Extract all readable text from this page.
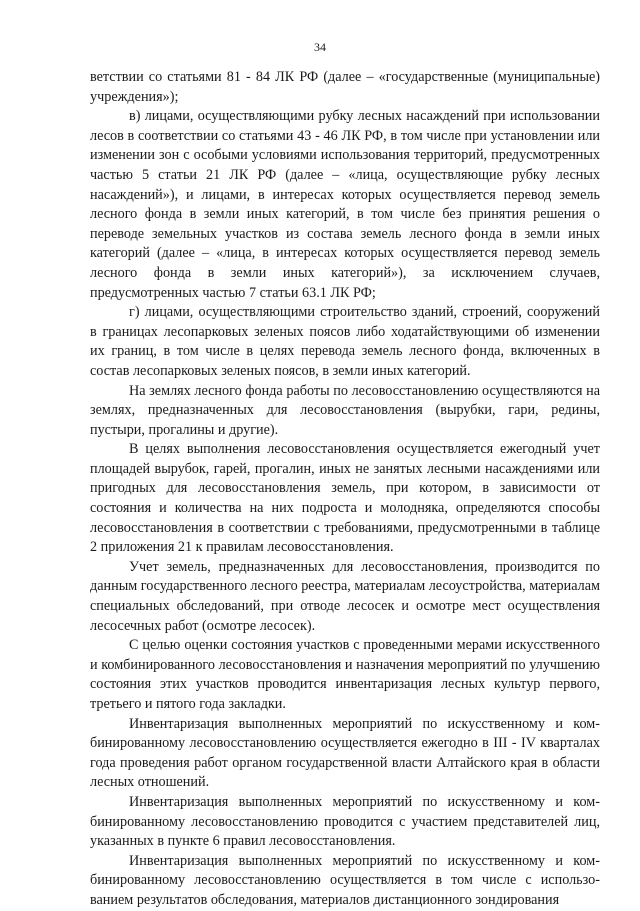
34

ветствии со статьями 81 - 84 ЛК РФ (далее – «государственные (муниципальные) учреждения»);

в) лицами, осуществляющими рубку лесных насаждений при использовании лесов в соответствии со статьями 43 - 46 ЛК РФ, в том числе при установлении или изменении зон с особыми условиями использования территорий, предусмотренных частью 5 статьи 21 ЛК РФ (далее – «лица, осуществляющие рубку лесных насаждений»), и лицами, в интересах которых осуществляется перевод земель лесного фонда в земли иных категорий, в том числе без принятия решения о переводе земельных участков из состава земель лесного фонда в земли иных категорий (далее – «лица, в интересах которых осуществляется перевод земель лесного фонда в земли иных категорий»), за исключением случаев, предусмотренных частью 7 статьи 63.1 ЛК РФ;

г) лицами, осуществляющими строительство зданий, строений, сооружений в границах лесопарковых зеленых поясов либо ходатайствующими об изменении их границ, в том числе в целях перевода земель лесного фонда, включенных в состав лесопарковых зеленых поясов, в земли иных категорий.

На землях лесного фонда работы по лесовосстановлению осуществляются на землях, предназначенных для лесовосстановления (вырубки, гари, редины, пустыри, прогалины и другие).

В целях выполнения лесовосстановления осуществляется ежегодный учет площадей вырубок, гарей, прогалин, иных не занятых лесными насаждениями или пригодных для лесовосстановления земель, при котором, в зависимости от состояния и количества на них подроста и молодняка, определяются способы лесовосстановления в соответствии с требованиями, предусмотренными в таблице 2 приложения 21 к правилам лесовосстановления.

Учет земель, предназначенных для лесовосстановления, производится по данным государственного лесного реестра, материалам лесоустройства, материалам специальных обследований, при отводе лесосек и осмотре мест осуществления лесосечных работ (осмотре лесосек).

С целью оценки состояния участков с проведенными мерами искусственного и комбинированного лесовосстановления и назначения мероприятий по улучшению состояния этих участков проводится инвентаризация лесных культур первого, третьего и пятого года закладки.

Инвентаризация выполненных мероприятий по искусственному и комбинированному лесовосстановлению осуществляется ежегодно в III - IV кварталах года проведения работ органом государственной власти Алтайского края в области лесных отношений.

Инвентаризация выполненных мероприятий по искусственному и комбинированному лесовосстановлению проводится с участием представителей лиц, указанных в пункте 6 правил лесовосстановления.

Инвентаризация выполненных мероприятий по искусственному и комбинированному лесовосстановлению осуществляется в том числе с использованием результатов обследования, материалов дистанционного зондирования
